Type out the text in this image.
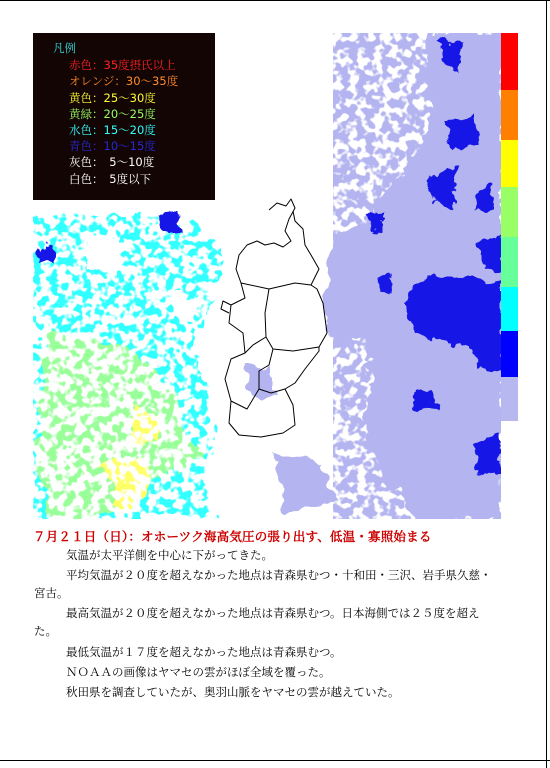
凡例
赤色：35度摂氏以上
オレンジ：30〜35度
黄色：25〜30度
黄緑：20〜25度
水色：15〜20度
青色：10〜15度
灰色：　5〜10度
白色：　5度以下
７月２１日（日）：オホーツク海高気圧の張り出す、低温・寡照始まる

気温が太平洋側を中心に下がってきた。

平均気温が２０度を超えなかった地点は青森県むつ・十和田・三沢、岩手県久慈・宮古。

最高気温が２０度を超えなかった地点は青森県むつ。日本海側では２５度を超えた。

最低気温が１７度を超えなかった地点は青森県むつ。

ＮＯＡＡの画像はヤマセの雲がほぼ全域を覆った。

秋田県を調査していたが、奥羽山脈をヤマセの雲が越えていた。
